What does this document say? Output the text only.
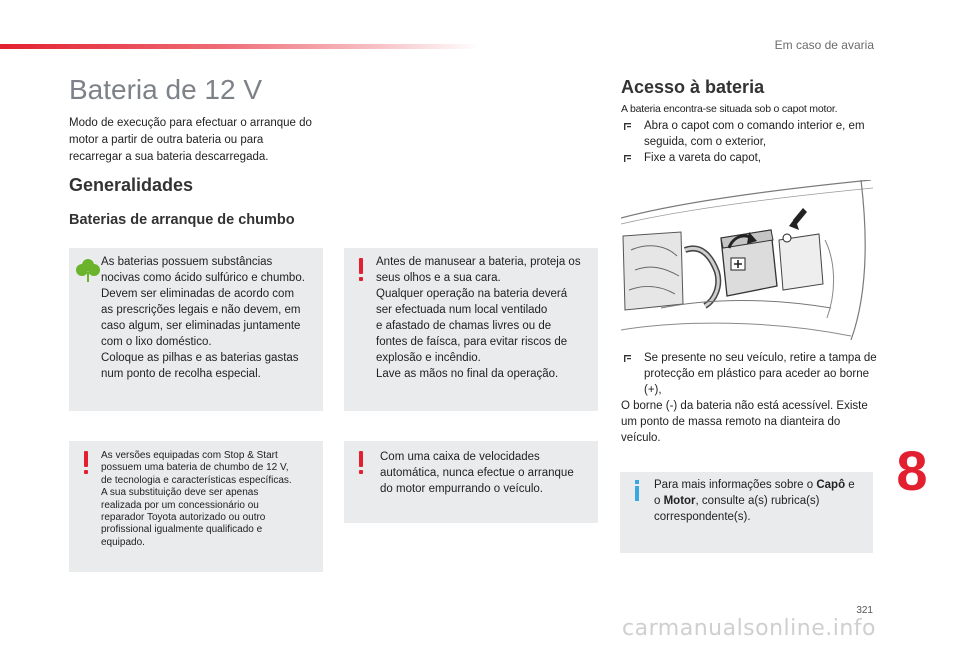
Em caso de avaria
Bateria de 12 V

Modo de execução para efectuar o arranque do motor a partir de outra bateria ou para recarregar a sua bateria descarregada.

Generalidades
Baterias de arranque de chumbo

As baterias possuem substâncias

nocivas como ácido sulfúrico e chumbo.

Devem ser eliminadas de acordo com

as prescrições legais e não devem, em

caso algum, ser eliminadas juntamente

com o lixo doméstico.

Coloque as pilhas e as baterias gastas

num ponto de recolha especial.

As versões equipadas com Stop & Start

possuem uma bateria de chumbo de 12 V,

de tecnologia e características específicas.

A sua substituição deve ser apenas

realizada por um concessionário ou

reparador Toyota autorizado ou outro

profissional igualmente qualificado e

equipado.

Antes de manusear a bateria, proteja os

seus olhos e a sua cara.

Qualquer operação na bateria deverá

ser efectuada num local ventilado

e afastado de chamas livres ou de

fontes de faísca, para evitar riscos de

explosão e incêndio.

Lave as mãos no final da operação.

Com uma caixa de velocidades

automática, nunca efectue o arranque

do motor empurrando o veículo.

Acesso à bateria

A bateria encontra-se situada sob o capot motor.

Abra o capot com o comando interior e, em seguida, com o exterior,
Fixe a vareta do capot,
Se presente no seu veículo, retire a tampa de protecção em plástico para aceder ao borne (+),

O borne (-) da bateria não está acessível. Existe um ponto de massa remoto na dianteira do veículo.

Para mais informações sobre o Capô e o Motor, consulte a(s) rubrica(s) correspondente(s).
8
321
carmanualsonline.info
